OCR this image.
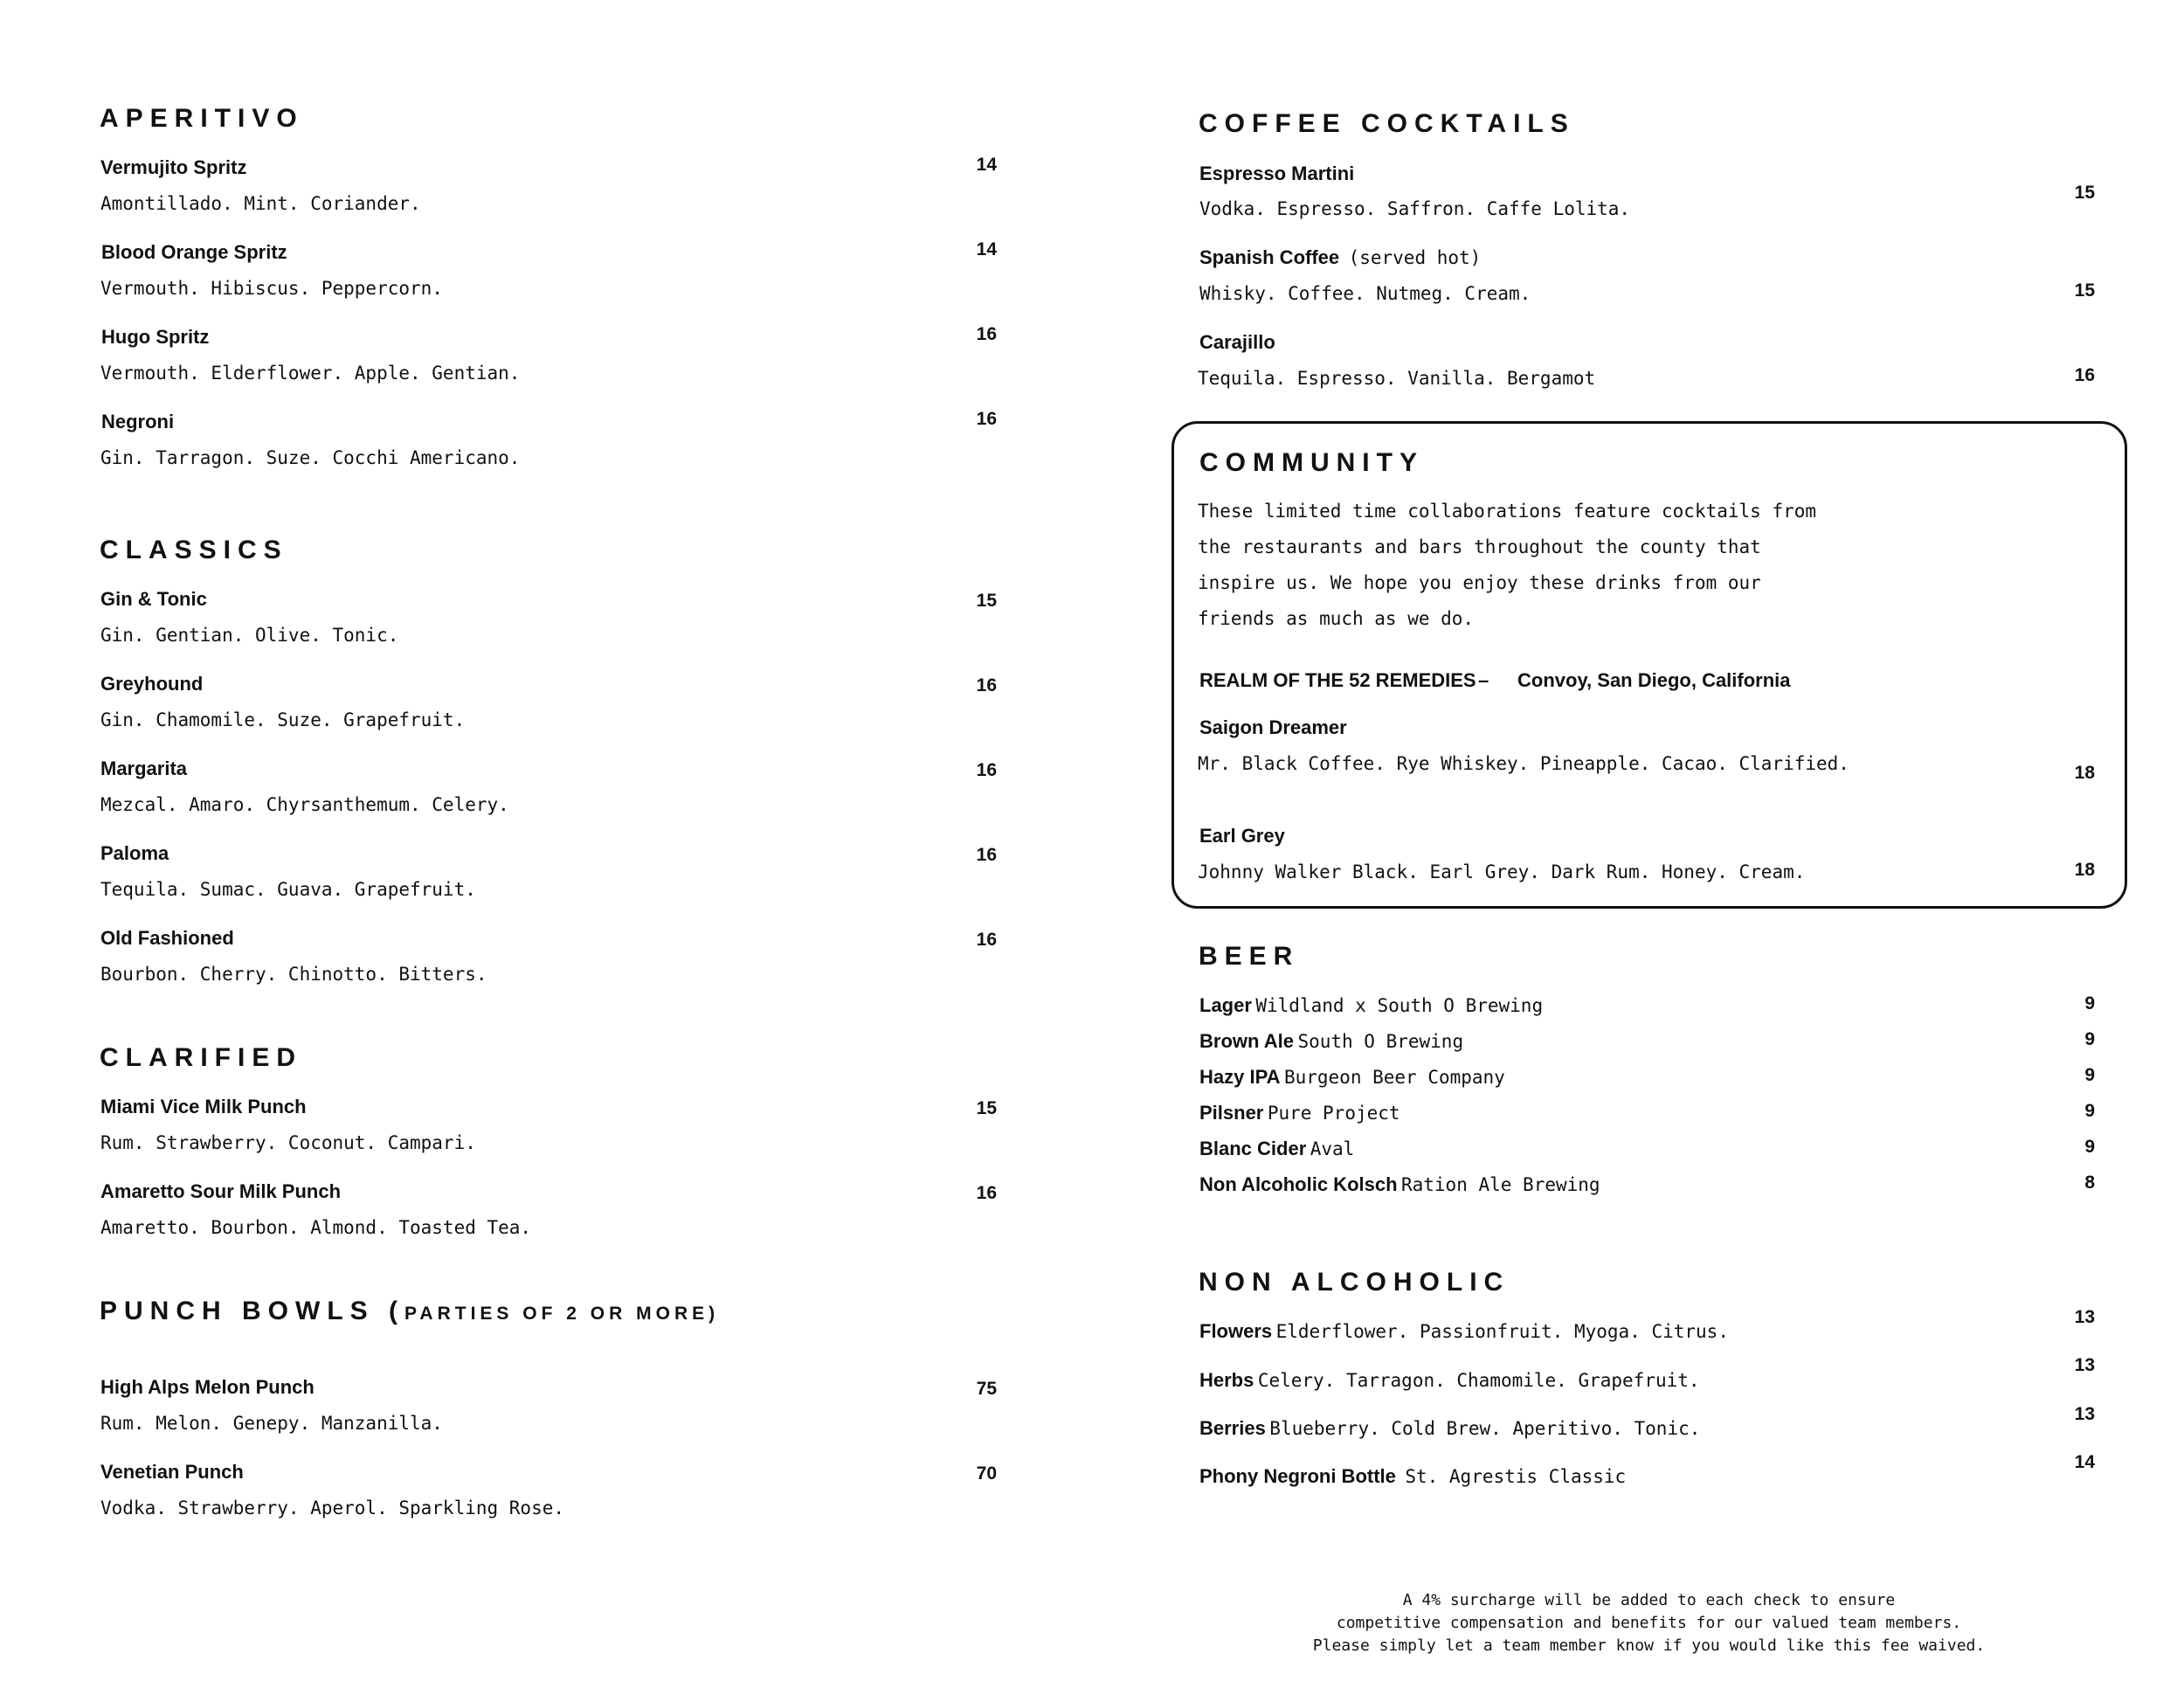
APERITIVO
Vermujito Spritz
Amontillado. Mint. Coriander.
14
Blood Orange Spritz
Vermouth. Hibiscus. Peppercorn.
14
Hugo Spritz
Vermouth. Elderflower. Apple. Gentian.
16
Negroni
Gin. Tarragon. Suze. Cocchi Americano.
16
CLASSICS
Gin & Tonic
Gin. Gentian. Olive. Tonic.
15
Greyhound
Gin. Chamomile. Suze. Grapefruit.
16
Margarita
Mezcal. Amaro. Chyrsanthemum. Celery.
16
Paloma
Tequila. Sumac. Guava. Grapefruit.
16
Old Fashioned
Bourbon. Cherry. Chinotto. Bitters.
16
CLARIFIED
Miami Vice Milk Punch
Rum. Strawberry. Coconut. Campari.
15
Amaretto Sour Milk Punch
Amaretto. Bourbon. Almond. Toasted Tea.
16
PUNCH BOWLS (PARTIES OF 2 OR MORE)
High Alps Melon Punch
Rum. Melon. Genepy. Manzanilla.
75
Venetian Punch
Vodka. Strawberry. Aperol. Sparkling Rose.
70
COFFEE COCKTAILS
Espresso Martini
Vodka. Espresso. Saffron. Caffe Lolita.
15
Spanish Coffee (served hot)
Whisky. Coffee. Nutmeg. Cream.	15
Carajillo
Tequila. Espresso. Vanilla. Bergamot	16
COMMUNITY
These limited time collaborations feature cocktails from
the restaurants and bars throughout the county that
inspire us. We hope you enjoy these drinks from our
friends as much as we do.
REALM OF THE 52 REMEDIES – Convoy, San Diego, California
Saigon Dreamer
Mr. Black Coffee. Rye Whiskey. Pineapple. Cacao. Clarified.	18
Earl Grey
Johnny Walker Black. Earl Grey. Dark Rum. Honey. Cream.	18
BEER
Lager Wildland x South O Brewing	9
Brown Ale South O Brewing	9
Hazy IPA Burgeon Beer Company	9
Pilsner Pure Project	9
Blanc Cider Aval	9
Non Alcoholic Kolsch Ration Ale Brewing	8
NON ALCOHOLIC
Flowers Elderflower. Passionfruit. Myoga. Citrus.
13
Herbs Celery. Tarragon. Chamomile. Grapefruit.
13
Berries Blueberry. Cold Brew. Aperitivo. Tonic.
13
Phony Negroni Bottle St. Agrestis Classic
14
A 4% surcharge will be added to each check to ensure
competitive compensation and benefits for our valued team members.
Please simply let a team member know if you would like this fee waived.
